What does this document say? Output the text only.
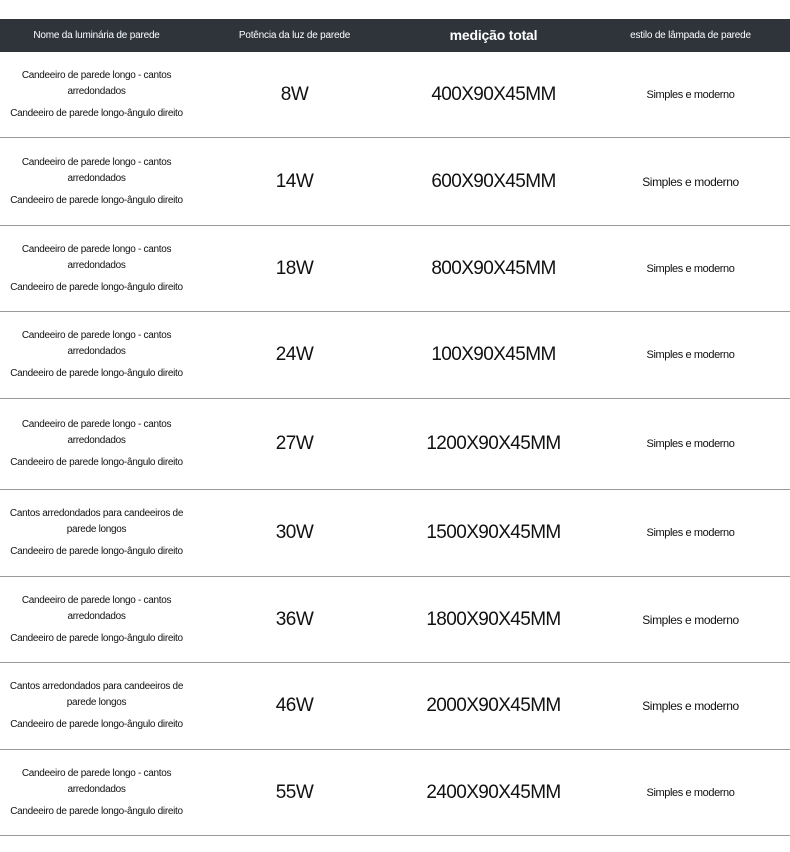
Nome da luminária de parede	Potência da luz de parede	medição total	estilo de lâmpada de parede
Candeeiro de parede longo - cantos arredondados
Candeeiro de parede longo-ângulo direito
8W	400X90X45MM	Simples e moderno
Candeeiro de parede longo - cantos arredondados
Candeeiro de parede longo-ângulo direito
14W	600X90X45MM	Simples e moderno
Candeeiro de parede longo - cantos arredondados
Candeeiro de parede longo-ângulo direito
18W	800X90X45MM	Simples e moderno
Candeeiro de parede longo - cantos arredondados
Candeeiro de parede longo-ângulo direito
24W	100X90X45MM	Simples e moderno
Candeeiro de parede longo - cantos arredondados
Candeeiro de parede longo-ângulo direito
27W	1200X90X45MM	Simples e moderno
Cantos arredondados para candeeiros de parede longos
Candeeiro de parede longo-ângulo direito
30W	1500X90X45MM	Simples e moderno
Candeeiro de parede longo - cantos arredondados
Candeeiro de parede longo-ângulo direito
36W	1800X90X45MM	Simples e moderno
Cantos arredondados para candeeiros de parede longos
Candeeiro de parede longo-ângulo direito
46W	2000X90X45MM	Simples e moderno
Candeeiro de parede longo - cantos arredondados
Candeeiro de parede longo-ângulo direito
55W	2400X90X45MM	Simples e moderno
